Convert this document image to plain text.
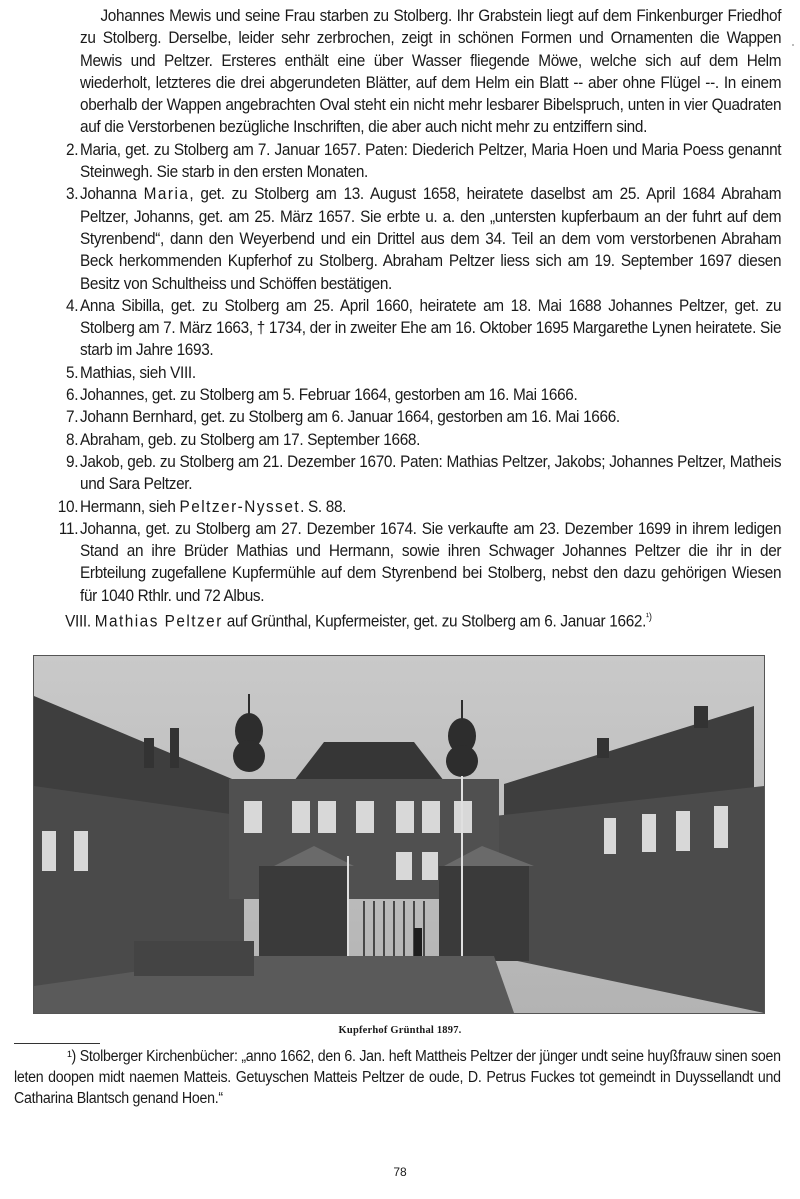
Johannes Mewis und seine Frau starben zu Stolberg. Ihr Grabstein liegt auf dem Finkenburger Friedhof zu Stolberg. Derselbe, leider sehr zerbrochen, zeigt in schönen Formen und Ornamenten die Wappen Mewis und Peltzer. Ersteres enthält eine über Wasser fliegende Möwe, welche sich auf dem Helm wiederholt, letzteres die drei abgerundeten Blätter, auf dem Helm ein Blatt -- aber ohne Flügel --. In einem oberhalb der Wappen angebrachten Oval steht ein nicht mehr lesbarer Bibelspruch, unten in vier Quadraten auf die Verstorbenen bezügliche Inschriften, die aber auch nicht mehr zu entziffern sind.

2. Maria, get. zu Stolberg am 7. Januar 1657. Paten: Diederich Peltzer, Maria Hoen und Maria Poess genannt Steinwegh. Sie starb in den ersten Monaten.

3. Johanna Maria, get. zu Stolberg am 13. August 1658, heiratete daselbst am 25. April 1684 Abraham Peltzer, Johanns, get. am 25. März 1657. Sie erbte u. a. den „untersten kupferbaum an der fuhrt auf dem Styrenbend“, dann den Weyerbend und ein Drittel aus dem 34. Teil an dem vom verstorbenen Abraham Beck herkommenden Kupferhof zu Stolberg. Abraham Peltzer liess sich am 19. September 1697 diesen Besitz von Schultheiss und Schöffen bestätigen.

4. Anna Sibilla, get. zu Stolberg am 25. April 1660, heiratete am 18. Mai 1688 Johannes Peltzer, get. zu Stolberg am 7. März 1663, † 1734, der in zweiter Ehe am 16. Oktober 1695 Margarethe Lynen heiratete. Sie starb im Jahre 1693.

5. Mathias, sieh VIII.

6. Johannes, get. zu Stolberg am 5. Februar 1664, gestorben am 16. Mai 1666.

7. Johann Bernhard, get. zu Stolberg am 6. Januar 1664, gestorben am 16. Mai 1666.

8. Abraham, geb. zu Stolberg am 17. September 1668.

9. Jakob, geb. zu Stolberg am 21. Dezember 1670. Paten: Mathias Peltzer, Jakobs; Johannes Peltzer, Matheis und Sara Peltzer.

10. Hermann, sieh Peltzer-Nysset. S. 88.

11. Johanna, get. zu Stolberg am 27. Dezember 1674. Sie verkaufte am 23. Dezember 1699 in ihrem ledigen Stand an ihre Brüder Mathias und Hermann, sowie ihren Schwager Johannes Peltzer die ihr in der Erbteilung zugefallene Kupfermühle auf dem Styrenbend bei Stolberg, nebst den dazu gehörigen Wiesen für 1040 Rthlr. und 72 Albus.

VIII. Mathias Peltzer auf Grünthal, Kupfermeister, get. zu Stolberg am 6. Januar 1662.$^{^1)}$

Kupferhof Grünthal 1897.

¹) Stolberger Kirchenbücher: „anno 1662, den 6. Jan. heft Mattheis Peltzer der jünger undt seine huyßfrauw sinen soen leten doopen midt naemen Matteis. Getuyschen Matteis Peltzer de oude, D. Petrus Fuckes tot gemeindt in Duyssellandt und Catharina Blantsch genand Hoen.“

78
